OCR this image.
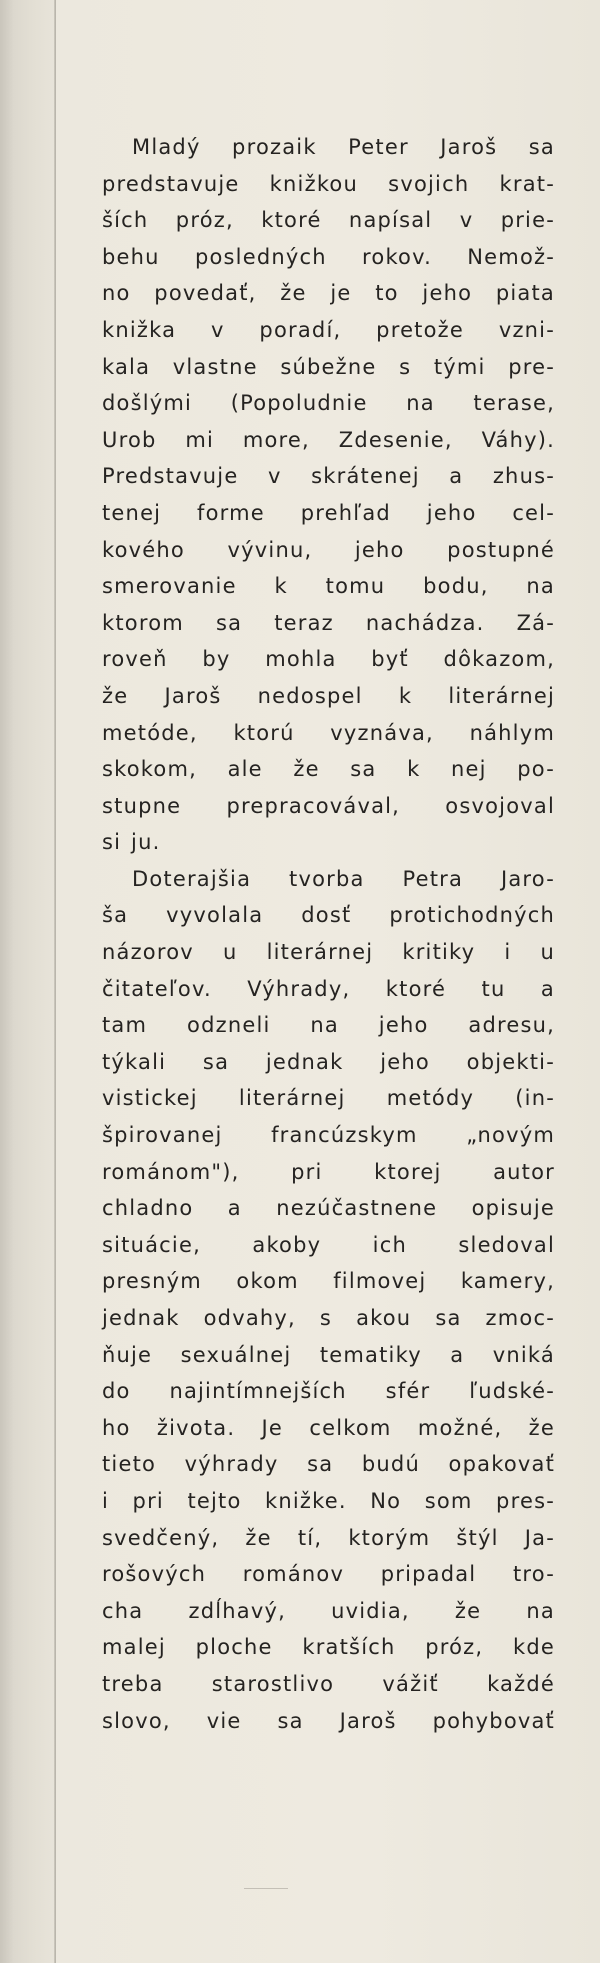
Mladý prozaik Peter Jaroš sa
predstavuje knižkou svojich krat-
ších próz, ktoré napísal v prie-
behu posledných rokov. Nemož-
no povedať, že je to jeho piata
knižka v poradí, pretože vzni-
kala vlastne súbežne s tými pre-
došlými (Popoludnie na terase,
Urob mi more, Zdesenie, Váhy).
Predstavuje v skrátenej a zhus-
tenej forme prehľad jeho cel-
kového vývinu, jeho postupné
smerovanie k tomu bodu, na
ktorom sa teraz nachádza. Zá-
roveň by mohla byť dôkazom,
že Jaroš nedospel k literárnej
metóde, ktorú vyznáva, náhlym
skokom, ale že sa k nej po-
stupne prepracovával, osvojoval
si ju.
Doterajšia tvorba Petra Jaro-
ša vyvolala dosť protichodných
názorov u literárnej kritiky i u
čitateľov. Výhrady, ktoré tu a
tam odzneli na jeho adresu,
týkali sa jednak jeho objekti-
vistickej literárnej metódy (in-
špirovanej francúzskym „novým
románom"), pri ktorej autor
chladno a nezúčastnene opisuje
situácie, akoby ich sledoval
presným okom filmovej kamery,
jednak odvahy, s akou sa zmoc-
ňuje sexuálnej tematiky a vniká
do najintímnejších sfér ľudské-
ho života. Je celkom možné, že
tieto výhrady sa budú opakovať
i pri tejto knižke. No som pres-
svedčený, že tí, ktorým štýl Ja-
rošových románov pripadal tro-
cha zdĺhavý, uvidia, že na
malej ploche kratších próz, kde
treba starostlivo vážiť každé
slovo, vie sa Jaroš pohybovať
